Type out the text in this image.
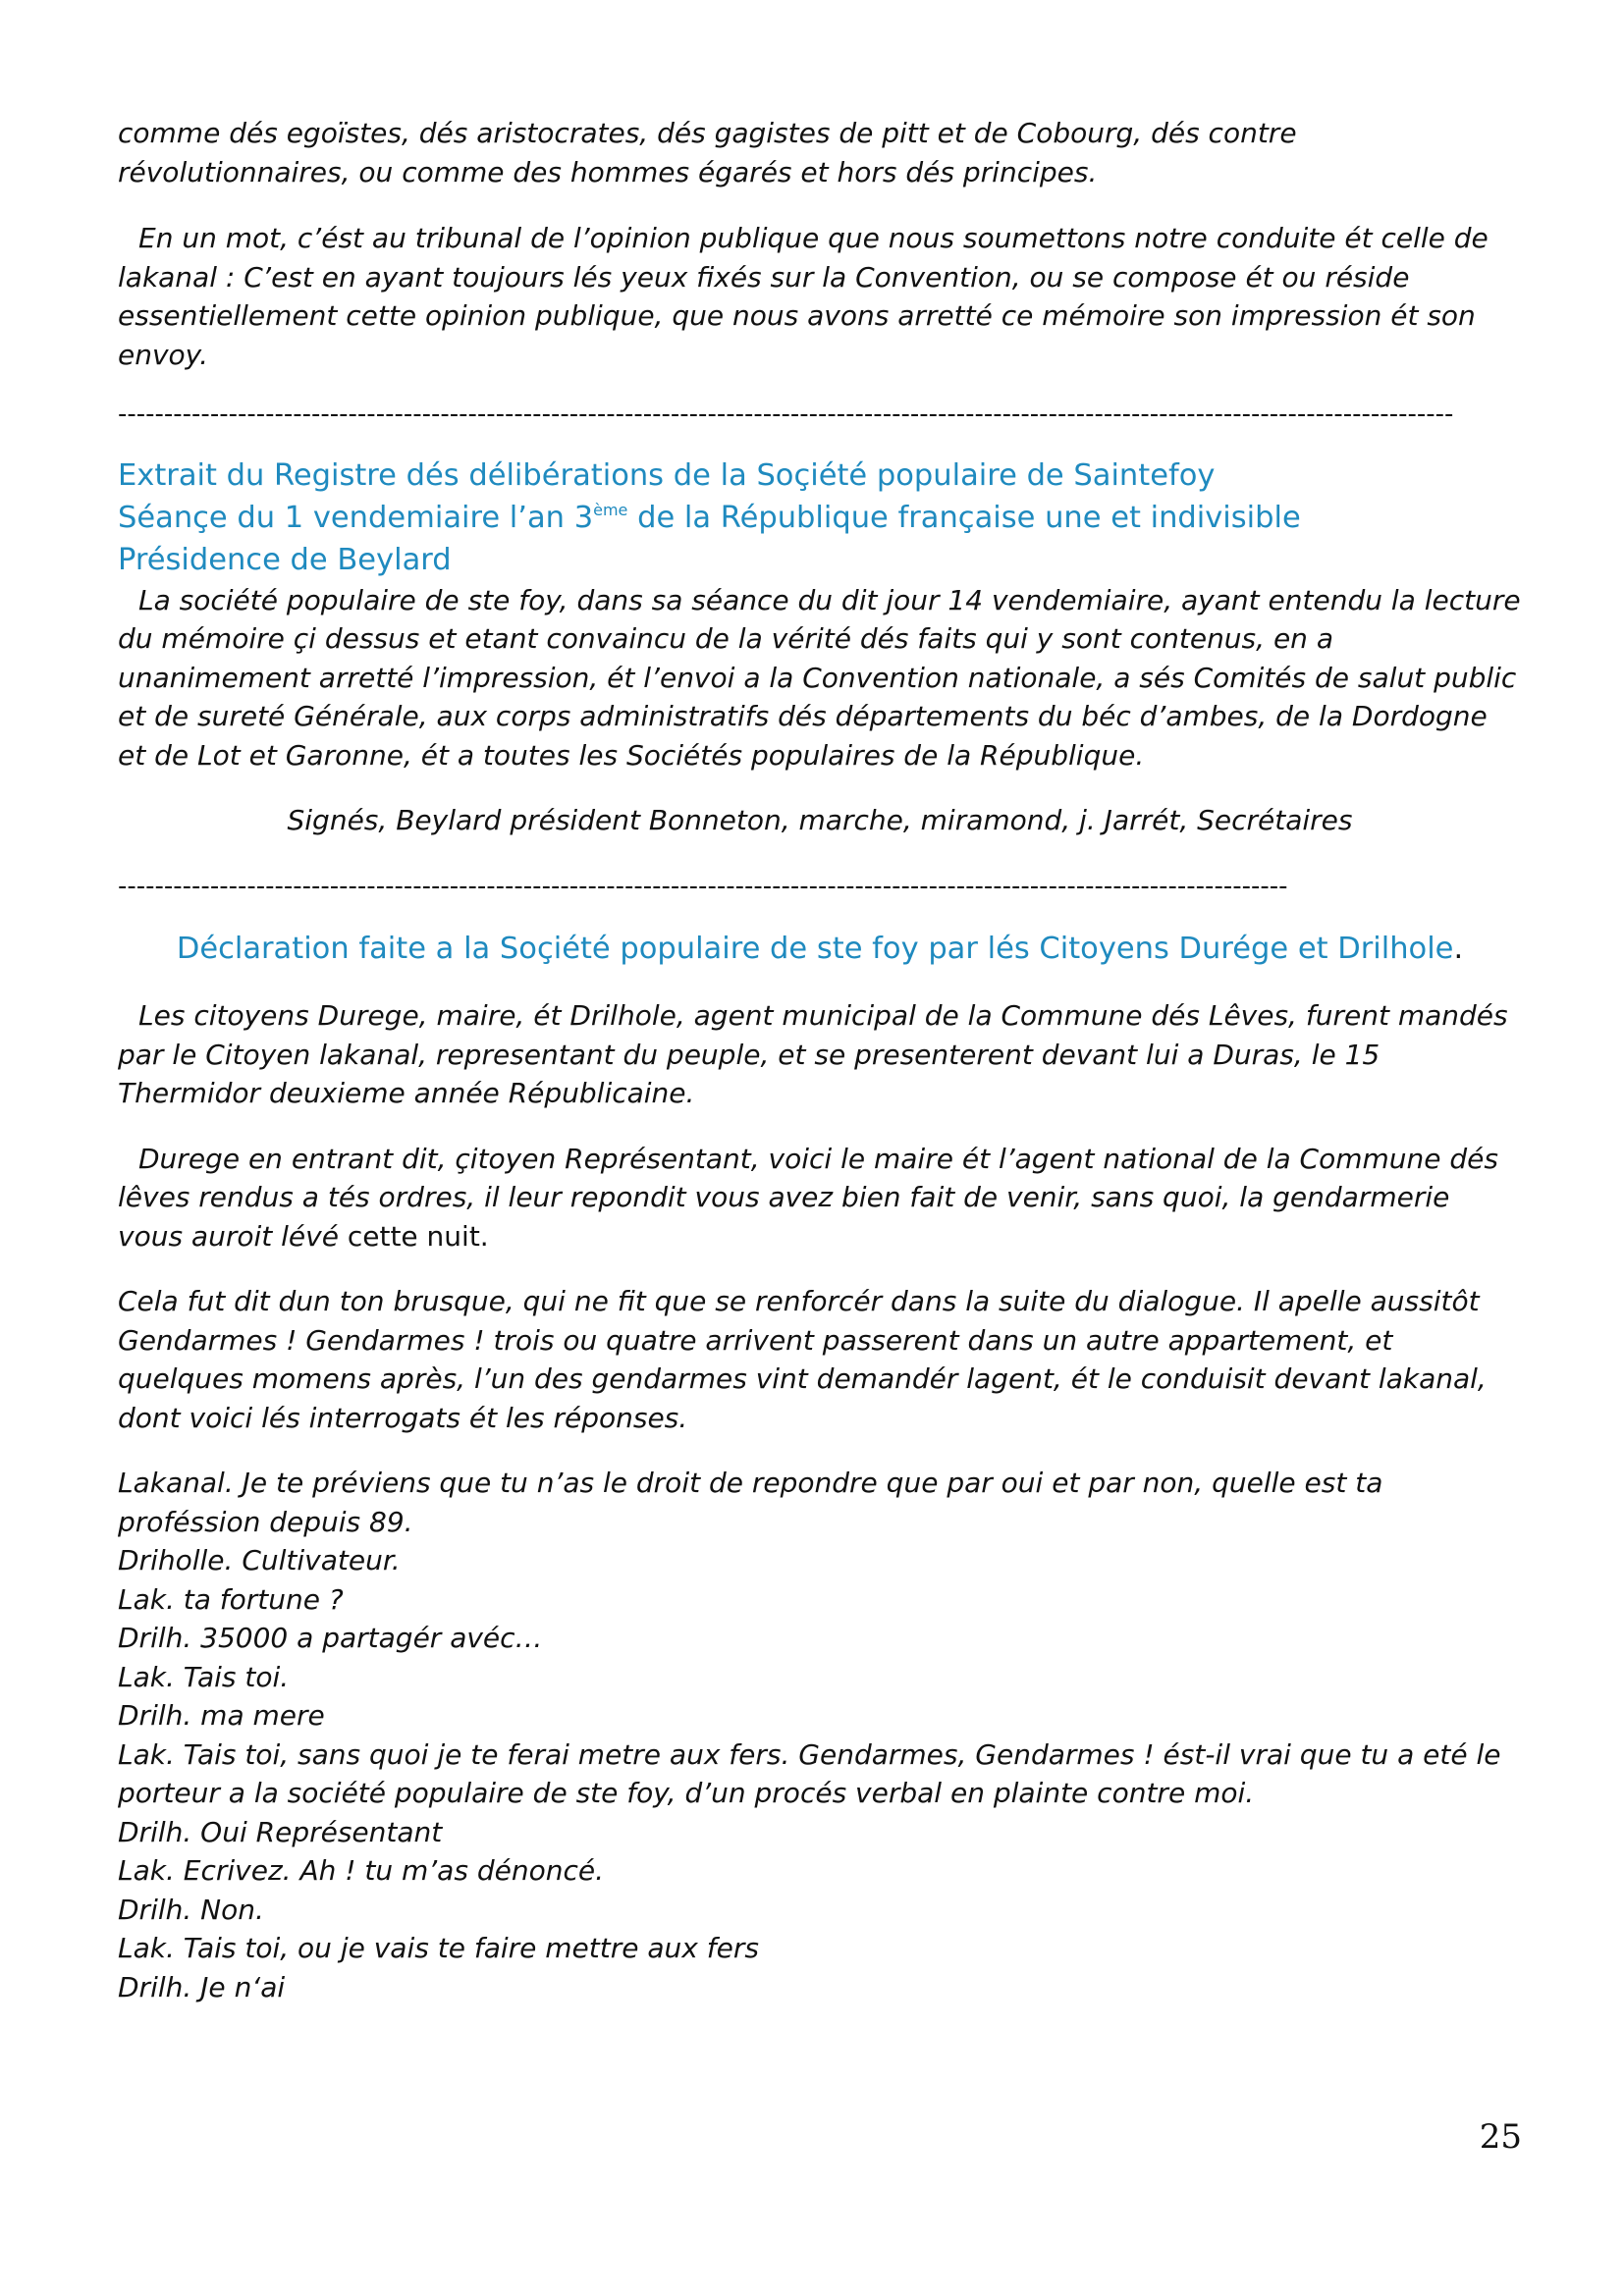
comme dés egoïstes, dés aristocrates, dés gagistes de pitt et de Cobourg, dés contre révolutionnaires, ou comme des hommes égarés et hors dés principes.

En un mot, c’ést au tribunal de l’opinion publique que nous soumettons notre conduite ét celle de lakanal : C’est en ayant toujours lés yeux fixés sur la Convention, ou se compose ét ou réside essentiellement cette opinion publique, que nous avons arretté ce mémoire son impression ét son envoy.

-------------------------------------------------------------------------------------------------------------------------------------------------

Extrait du Registre dés délibérations de la Soçiété populaire de Saintefoy

Séançe du 1 vendemiaire l’an 3ème de la République française une et indivisible

Présidence de Beylard

La société populaire de ste foy, dans sa séance du dit jour 14 vendemiaire, ayant entendu la lecture du mémoire çi dessus et etant convaincu de la vérité dés faits qui y sont contenus, en a unanimement arretté l’impression, ét l’envoi a la Convention nationale, a sés Comités de salut public et de sureté Générale, aux corps administratifs dés départements du béc d’ambes, de la Dordogne et de Lot et Garonne, ét a toutes les Sociétés populaires de la République.

Signés, Beylard président Bonneton, marche, miramond, j. Jarrét, Secrétaires

-------------------------------------------------------------------------------------------------------------------------------

Déclaration faite a la Soçiété populaire de ste foy par lés Citoyens Durége et Drilhole.

Les citoyens Durege, maire, ét Drilhole, agent municipal de la Commune dés Lêves, furent mandés par le Citoyen lakanal, representant du peuple, et se presenterent devant lui a Duras, le 15 Thermidor deuxieme année Républicaine.

Durege en entrant dit, çitoyen Représentant, voici le maire ét l’agent national de la Commune dés lêves rendus a tés ordres, il leur repondit vous avez bien fait de venir, sans quoi, la gendarmerie vous auroit lévé cette nuit.

Cela fut dit dun ton brusque, qui ne fit que se renforcér dans la suite du dialogue. Il apelle aussitôt Gendarmes ! Gendarmes ! trois ou quatre arrivent passerent dans un autre appartement, et quelques momens après, l’un des gendarmes vint demandér lagent, ét le conduisit devant lakanal, dont voici lés interrogats ét les réponses.

Lakanal. Je te préviens que tu n’as le droit de repondre que par oui et par non, quelle est ta proféssion depuis 89.
Driholle. Cultivateur.
Lak. ta fortune ?
Drilh. 35000 a partagér avéc…
Lak. Tais toi.
Drilh. ma mere
Lak. Tais toi, sans quoi je te ferai metre aux fers. Gendarmes, Gendarmes ! ést-il vrai que tu a eté le porteur a la société populaire de ste foy, d’un procés verbal en plainte contre moi.
Drilh. Oui Représentant
Lak. Ecrivez. Ah ! tu m’as dénoncé.
Drilh. Non.
Lak. Tais toi, ou je vais te faire mettre aux fers
Drilh. Je n‘ai
25
